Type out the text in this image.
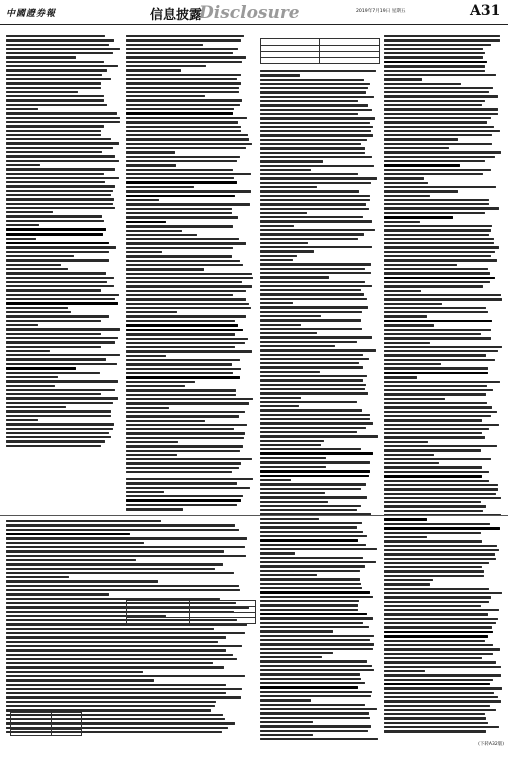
中國證券報	信息披露
Disclosure	2019年7月19日 星期五	A31
(下转A32版)
